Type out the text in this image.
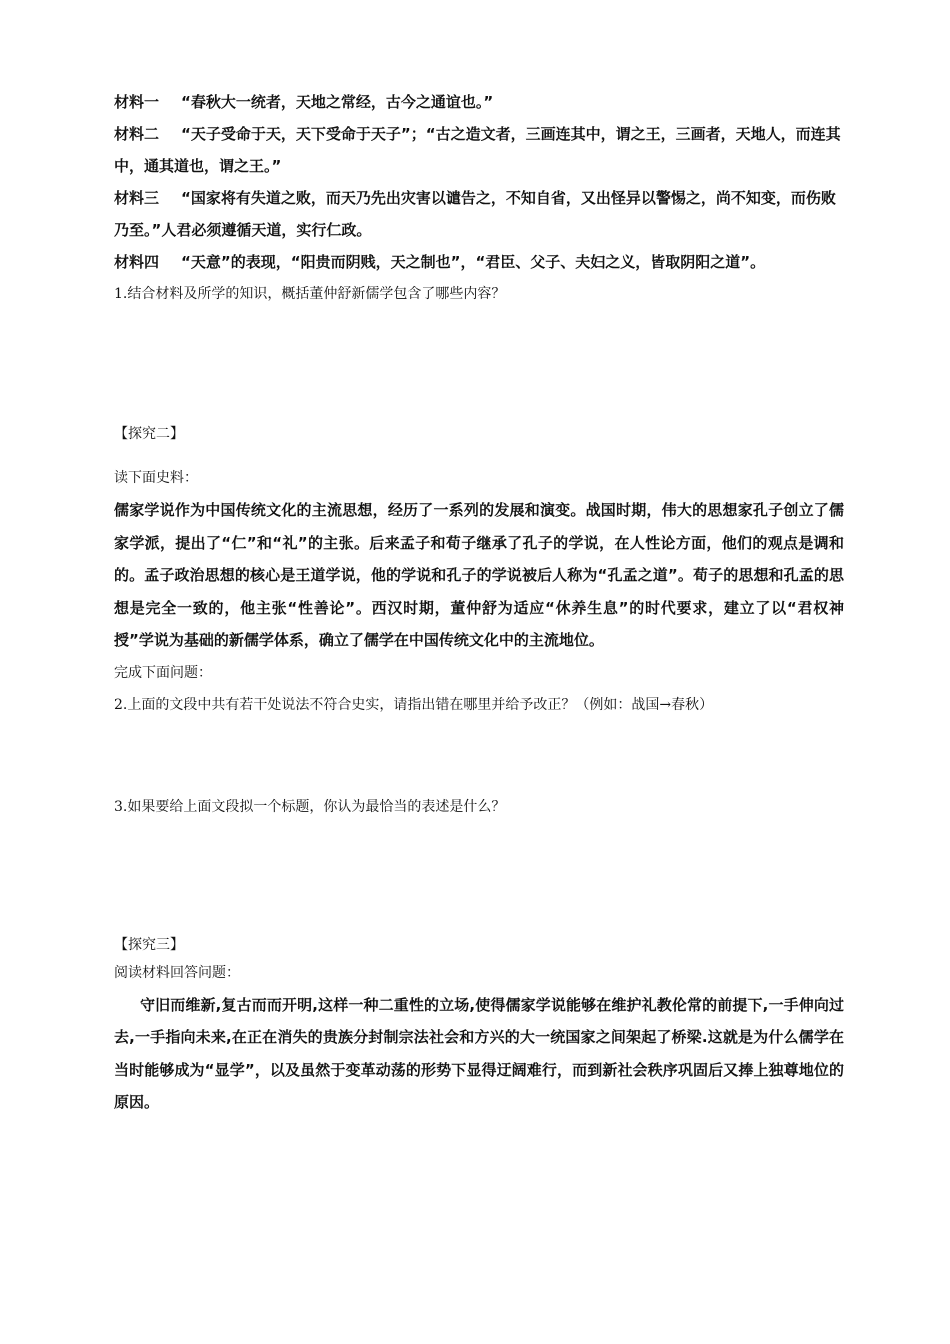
材料一 “春秋大一统者，天地之常经，古今之通谊也。”
材料二 “天子受命于天，天下受命于天子”；“古之造文者，三画连其中，谓之王，三画者，天地人，而连其中，通其道也，谓之王。”
材料三 “国家将有失道之败，而天乃先出灾害以谴告之，不知自省，又出怪异以警惕之，尚不知变，而伤败乃至。”人君必须遵循天道，实行仁政。
材料四 “天意”的表现，“阳贵而阴贱，天之制也”，“君臣、父子、夫妇之义，皆取阴阳之道”。
1.结合材料及所学的知识，概括董仲舒新儒学包含了哪些内容？
【探究二】
读下面史料：
儒家学说作为中国传统文化的主流思想，经历了一系列的发展和演变。战国时期，伟大的思想家孔子创立了儒家学派，提出了“仁”和“礼”的主张。后来孟子和荀子继承了孔子的学说，在人性论方面，他们的观点是调和的。孟子政治思想的核心是王道学说，他的学说和孔子的学说被后人称为“孔孟之道”。荀子的思想和孔孟的思想是完全一致的，他主张“性善论”。西汉时期，董仲舒为适应“休养生息”的时代要求，建立了以“君权神授”学说为基础的新儒学体系，确立了儒学在中国传统文化中的主流地位。
完成下面问题：
2.上面的文段中共有若干处说法不符合史实，请指出错在哪里并给予改正？（例如：战国→春秋）
3.如果要给上面文段拟一个标题，你认为最恰当的表述是什么？
【探究三】
阅读材料回答问题：
守旧而维新,复古而而开明,这样一种二重性的立场,使得儒家学说能够在维护礼教伦常的前提下,一手伸向过去,一手指向未来,在正在消失的贵族分封制宗法社会和方兴的大一统国家之间架起了桥梁.这就是为什么儒学在当时能够成为“显学”，以及虽然于变革动荡的形势下显得迂阔难行，而到新社会秩序巩固后又捧上独尊地位的原因。
